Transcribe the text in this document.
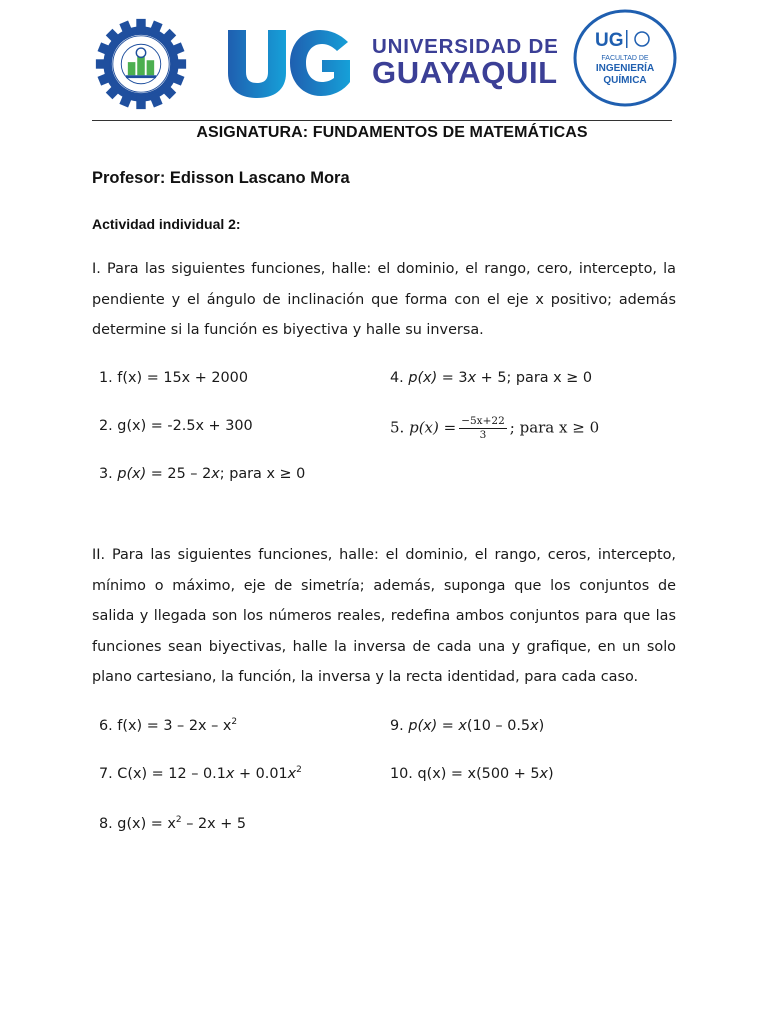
UNIVERSIDAD DE
GUAYAQUIL
UG
FACULTAD DE
INGENIERÍA
QUÍMICA
ASIGNATURA: FUNDAMENTOS DE MATEMÁTICAS
Profesor: Edisson Lascano Mora
Actividad individual 2:
I. Para las siguientes funciones, halle: el dominio, el rango, cero, intercepto, la pendiente y el ángulo de inclinación que forma con el eje x positivo; además determine si la función es biyectiva y halle su inversa.
1. f(x) = 15x + 2000
2. g(x) = -2.5x + 300
3. p(x) = 25 – 2x; para x ≥ 0
4. p(x) = 3x + 5; para x ≥ 0
5. $p(x) = \frac{-5x+22}{3}$ ; para x ≥ 0
II. Para las siguientes funciones, halle: el dominio, el rango, ceros, intercepto, mínimo o máximo, eje de simetría; además, suponga que los conjuntos de salida y llegada son los números reales, redefina ambos conjuntos para que las funciones sean biyectivas, halle la inversa de cada una y grafique, en un solo plano cartesiano, la función, la inversa y la recta identidad, para cada caso.
6. $f(x) = 3 - 2x - x^2$
7. $C(x) = 12 - 0.1x + 0.01x^2$
8. $g(x) = x^2 - 2x + 5$
9. p(x) = x(10 – 0.5x)
10. q(x) = x(500 + 5x)
